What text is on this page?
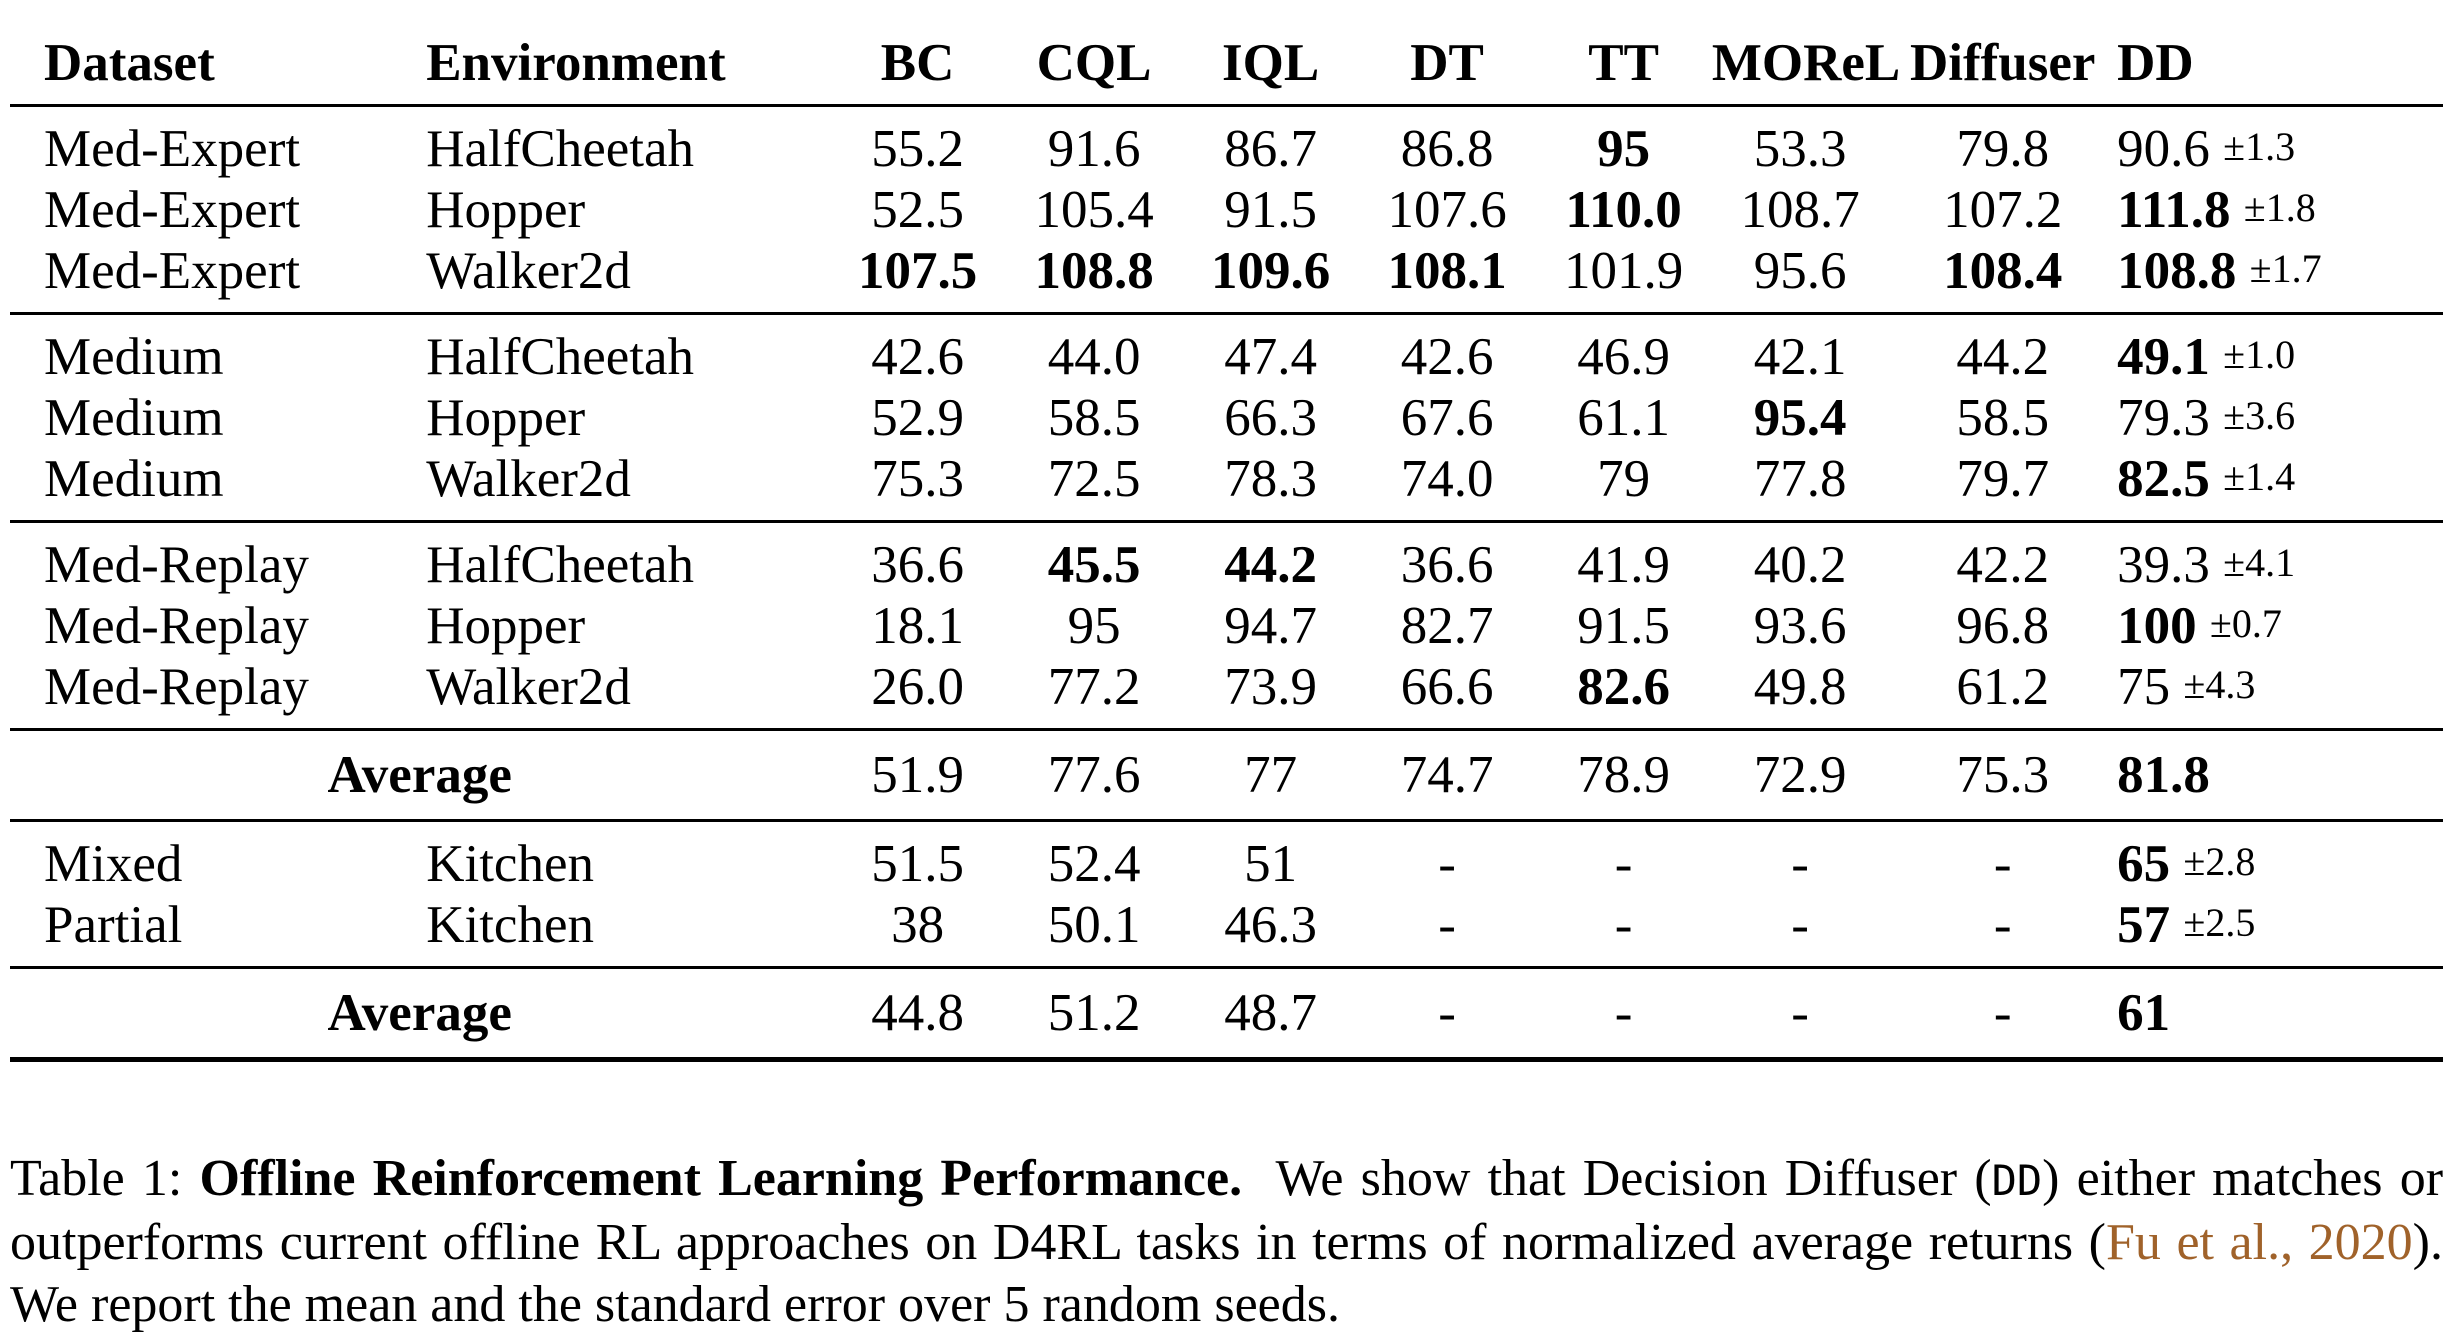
Dataset	Environment	BC	CQL	IQL	DT	TT	MOReL	Diffuser	DD
Med-Expert	HalfCheetah	55.2	91.6	86.7	86.8	95	53.3	79.8	90.6 ±1.3
Med-Expert	Hopper	52.5	105.4	91.5	107.6	110.0	108.7	107.2	111.8 ±1.8
Med-Expert	Walker2d	107.5	108.8	109.6	108.1	101.9	95.6	108.4	108.8 ±1.7
Medium	HalfCheetah	42.6	44.0	47.4	42.6	46.9	42.1	44.2	49.1 ±1.0
Medium	Hopper	52.9	58.5	66.3	67.6	61.1	95.4	58.5	79.3 ±3.6
Medium	Walker2d	75.3	72.5	78.3	74.0	79	77.8	79.7	82.5 ±1.4
Med-Replay	HalfCheetah	36.6	45.5	44.2	36.6	41.9	40.2	42.2	39.3 ±4.1
Med-Replay	Hopper	18.1	95	94.7	82.7	91.5	93.6	96.8	100 ±0.7
Med-Replay	Walker2d	26.0	77.2	73.9	66.6	82.6	49.8	61.2	75 ±4.3
Average		51.9	77.6	77	74.7	78.9	72.9	75.3	81.8
Mixed	Kitchen	51.5	52.4	51	-	-	-	-	65 ±2.8
Partial	Kitchen	38	50.1	46.3	-	-	-	-	57 ±2.5
Average		44.8	51.2	48.7	-	-	-	-	61
Table 1: Offline Reinforcement Learning Performance. We show that Decision Diffuser (DD) either matches or outperforms current offline RL approaches on D4RL tasks in terms of normalized average returns (Fu et al., 2020). We report the mean and the standard error over 5 random seeds.
